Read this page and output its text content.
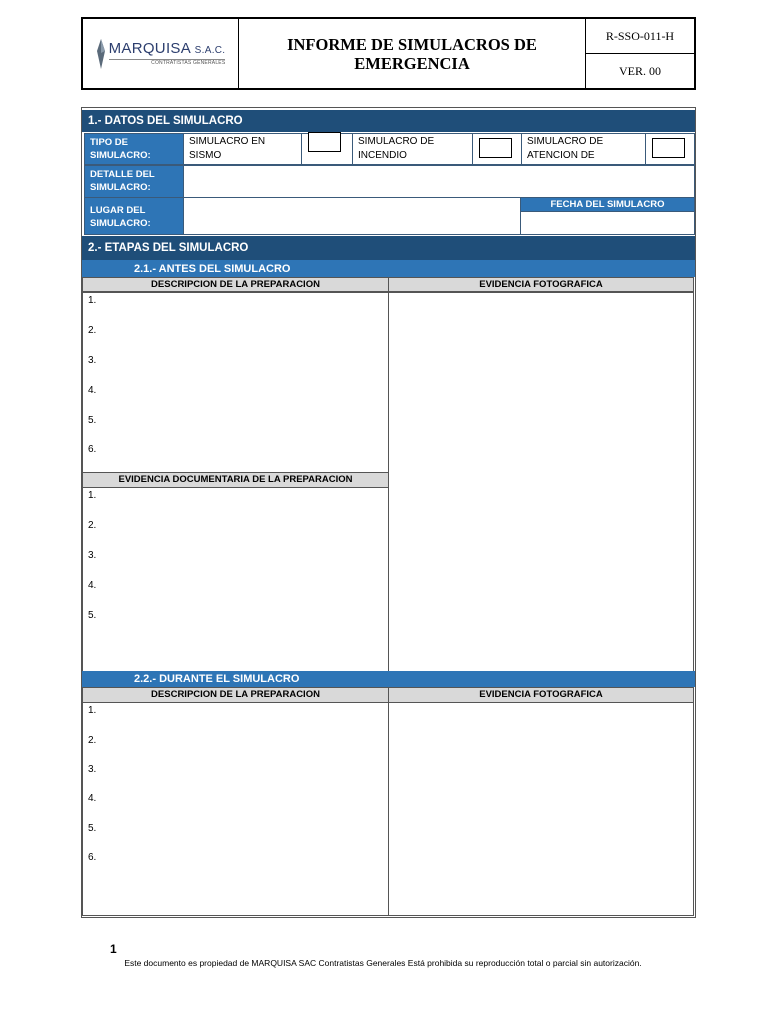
MARQUISA S.A.C.
CONTRATISTAS GENERALES
INFORME DE SIMULACROS DE EMERGENCIA
R-SSO-011-H
VER. 00
1.- DATOS DEL SIMULACRO
TIPO DE SIMULACRO:
SIMULACRO EN SISMO
SIMULACRO DE INCENDIO
SIMULACRO DE ATENCION DE
DETALLE DEL SIMULACRO:
LUGAR DEL SIMULACRO:
FECHA DEL SIMULACRO
2.- ETAPAS DEL SIMULACRO
2.1.- ANTES DEL SIMULACRO
DESCRIPCION DE LA PREPARACION	EVIDENCIA FOTOGRAFICA
1.
2.
3.
4.
5.
6.
EVIDENCIA DOCUMENTARIA DE LA PREPARACION
1.
2.
3.
4.
5.
2.2.- DURANTE EL SIMULACRO
DESCRIPCION DE LA PREPARACION	EVIDENCIA FOTOGRAFICA
1.
2.
3.
4.
5.
6.
1
Este documento es propiedad de MARQUISA SAC Contratistas Generales Está prohibida su reproducción total o parcial sin autorización.
